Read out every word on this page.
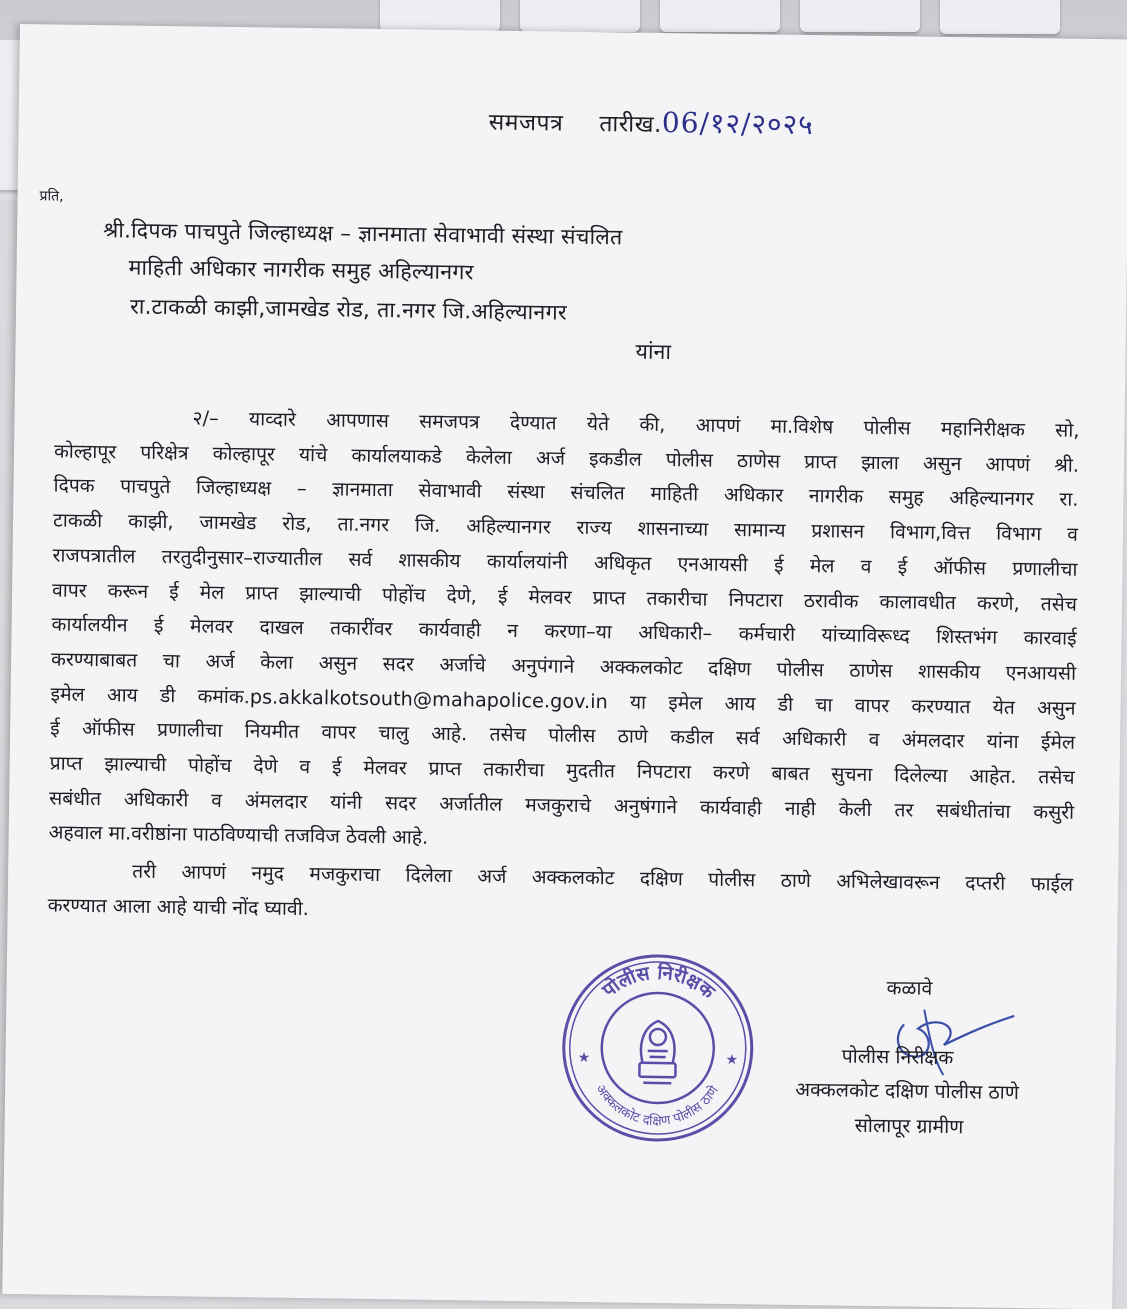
समजपत्र तारीख.06/१२/२०२५
प्रति,
श्री.दिपक पाचपुते जिल्हाध्यक्ष – ज्ञानमाता सेवाभावी संस्था संचलित
माहिती अधिकार नागरीक समुह अहिल्यानगर
रा.टाकळी काझी,जामखेड रोड, ता.नगर जि.अहिल्यानगर
यांना
२/– याव्दारे आपणास समजपत्र देण्यात येते की, आपणं मा.विशेष पोलीस महानिरीक्षक सो,
कोल्हापूर परिक्षेत्र कोल्हापूर यांचे कार्यालयाकडे केलेला अर्ज इकडील पोलीस ठाणेस प्राप्त झाला असुन आपणं श्री.
दिपक पाचपुते जिल्हाध्यक्ष – ज्ञानमाता सेवाभावी संस्था संचलित माहिती अधिकार नागरीक समुह अहिल्यानगर रा.
टाकळी काझी, जामखेड रोड, ता.नगर जि. अहिल्यानगर राज्य शासनाच्या सामान्य प्रशासन विभाग,वित्त विभाग व
राजपत्रातील तरतुदीनुसार–राज्यातील सर्व शासकीय कार्यालयांनी अधिकृत एनआयसी ई मेल व ई ऑफीस प्रणालीचा
वापर करून ई मेल प्राप्त झाल्याची पोहोंच देणे, ई मेलवर प्राप्त तकारीचा निपटारा ठरावीक कालावधीत करणे, तसेच
कार्यालयीन ई मेलवर दाखल तकारींवर कार्यवाही न करणा–या अधिकारी– कर्मचारी यांच्याविरूध्द शिस्तभंग कारवाई
करण्याबाबत चा अर्ज केला असुन सदर अर्जाचे अनुपंगाने अक्कलकोट दक्षिण पोलीस ठाणेस शासकीय एनआयसी
इमेल आय डी कमांक.ps.akkalkotsouth@mahapolice.gov.in या इमेल आय डी चा वापर करण्यात येत असुन
ई ऑफीस प्रणालीचा नियमीत वापर चालु आहे. तसेच पोलीस ठाणे कडील सर्व अधिकारी व अंमलदार यांना ईमेल
प्राप्त झाल्याची पोहोंच देणे व ई मेलवर प्राप्त तकारीचा मुदतीत निपटारा करणे बाबत सुचना दिलेल्या आहेत. तसेच
सबंधीत अधिकारी व अंमलदार यांनी सदर अर्जातील मजकुराचे अनुषंगाने कार्यवाही नाही केली तर सबंधीतांचा कसुरी
अहवाल मा.वरीष्ठांना पाठविण्याची तजविज ठेवली आहे.
तरी आपणं नमुद मजकुराचा दिलेला अर्ज अक्कलकोट दक्षिण पोलीस ठाणे अभिलेखावरून दप्तरी फाईल
करण्यात आला आहे याची नोंद घ्यावी.
पोलीस निरीक्षक
अक्कलकोट दक्षिण पोलीस ठाणे
★	★
कळावे
पोलीस निरीक्षक
अक्कलकोट दक्षिण पोलीस ठाणे
सोलापूर ग्रामीण
